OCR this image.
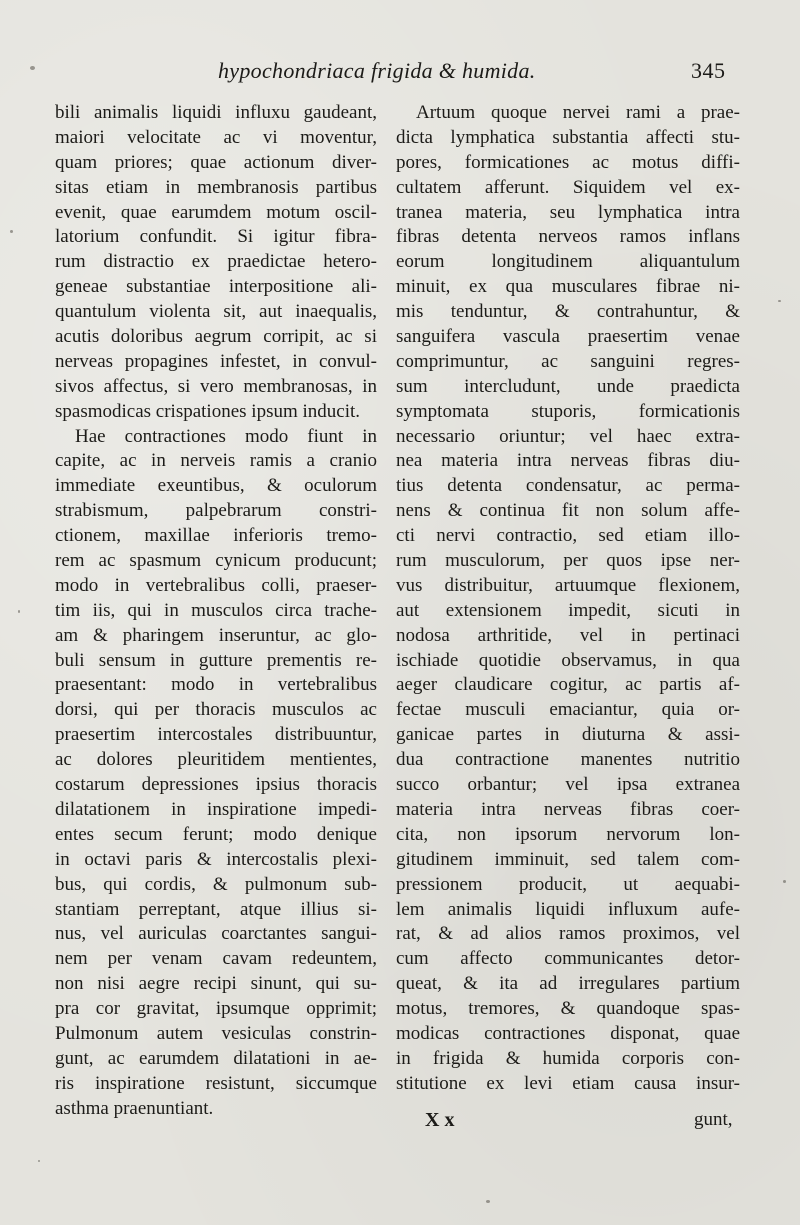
hypochondriaca frigida & humida.	345
bili animalis liquidi influxu gaudeant,
maiori velocitate ac vi moventur,
quam priores; quae actionum diver-
sitas etiam in membranosis partibus
evenit, quae earumdem motum oscil-
latorium confundit. Si igitur fibra-
rum distractio ex praedictae hetero-
geneae substantiae interpositione ali-
quantulum violenta sit, aut inaequalis,
acutis doloribus aegrum corripit, ac si
nerveas propagines infestet, in convul-
sivos affectus, si vero membranosas, in
spasmodicas crispationes ipsum inducit.
Hae contractiones modo fiunt in
capite, ac in nerveis ramis a cranio
immediate exeuntibus, & oculorum
strabismum, palpebrarum constri-
ctionem, maxillae inferioris tremo-
rem ac spasmum cynicum producunt;
modo in vertebralibus colli, praeser-
tim iis, qui in musculos circa trache-
am & pharingem inseruntur, ac glo-
buli sensum in gutture prementis re-
praesentant: modo in vertebralibus
dorsi, qui per thoracis musculos ac
praesertim intercostales distribuuntur,
ac dolores pleuritidem mentientes,
costarum depressiones ipsius thoracis
dilatationem in inspiratione impedi-
entes secum ferunt; modo denique
in octavi paris & intercostalis plexi-
bus, qui cordis, & pulmonum sub-
stantiam perreptant, atque illius si-
nus, vel auriculas coarctantes sangui-
nem per venam cavam redeuntem,
non nisi aegre recipi sinunt, qui su-
pra cor gravitat, ipsumque opprimit;
Pulmonum autem vesiculas constrin-
gunt, ac earumdem dilatationi in ae-
ris inspiratione resistunt, siccumque
asthma praenuntiant.
Artuum quoque nervei rami a prae-
dicta lymphatica substantia affecti stu-
pores, formicationes ac motus diffi-
cultatem afferunt. Siquidem vel ex-
tranea materia, seu lymphatica intra
fibras detenta nerveos ramos inflans
eorum longitudinem aliquantulum
minuit, ex qua musculares fibrae ni-
mis tenduntur, & contrahuntur, &
sanguifera vascula praesertim venae
comprimuntur, ac sanguini regres-
sum intercludunt, unde praedicta
symptomata stuporis, formicationis
necessario oriuntur; vel haec extra-
nea materia intra nerveas fibras diu-
tius detenta condensatur, ac perma-
nens & continua fit non solum affe-
cti nervi contractio, sed etiam illo-
rum musculorum, per quos ipse ner-
vus distribuitur, artuumque flexionem,
aut extensionem impedit, sicuti in
nodosa arthritide, vel in pertinaci
ischiade quotidie observamus, in qua
aeger claudicare cogitur, ac partis af-
fectae musculi emaciantur, quia or-
ganicae partes in diuturna & assi-
dua contractione manentes nutritio
succo orbantur; vel ipsa extranea
materia intra nerveas fibras coer-
cita, non ipsorum nervorum lon-
gitudinem imminuit, sed talem com-
pressionem producit, ut aequabi-
lem animalis liquidi influxum aufe-
rat, & ad alios ramos proximos, vel
cum affecto communicantes detor-
queat, & ita ad irregulares partium
motus, tremores, & quandoque spas-
modicas contractiones disponat, quae
in frigida & humida corporis con-
stitutione ex levi etiam causa insur-
X x	gunt,
